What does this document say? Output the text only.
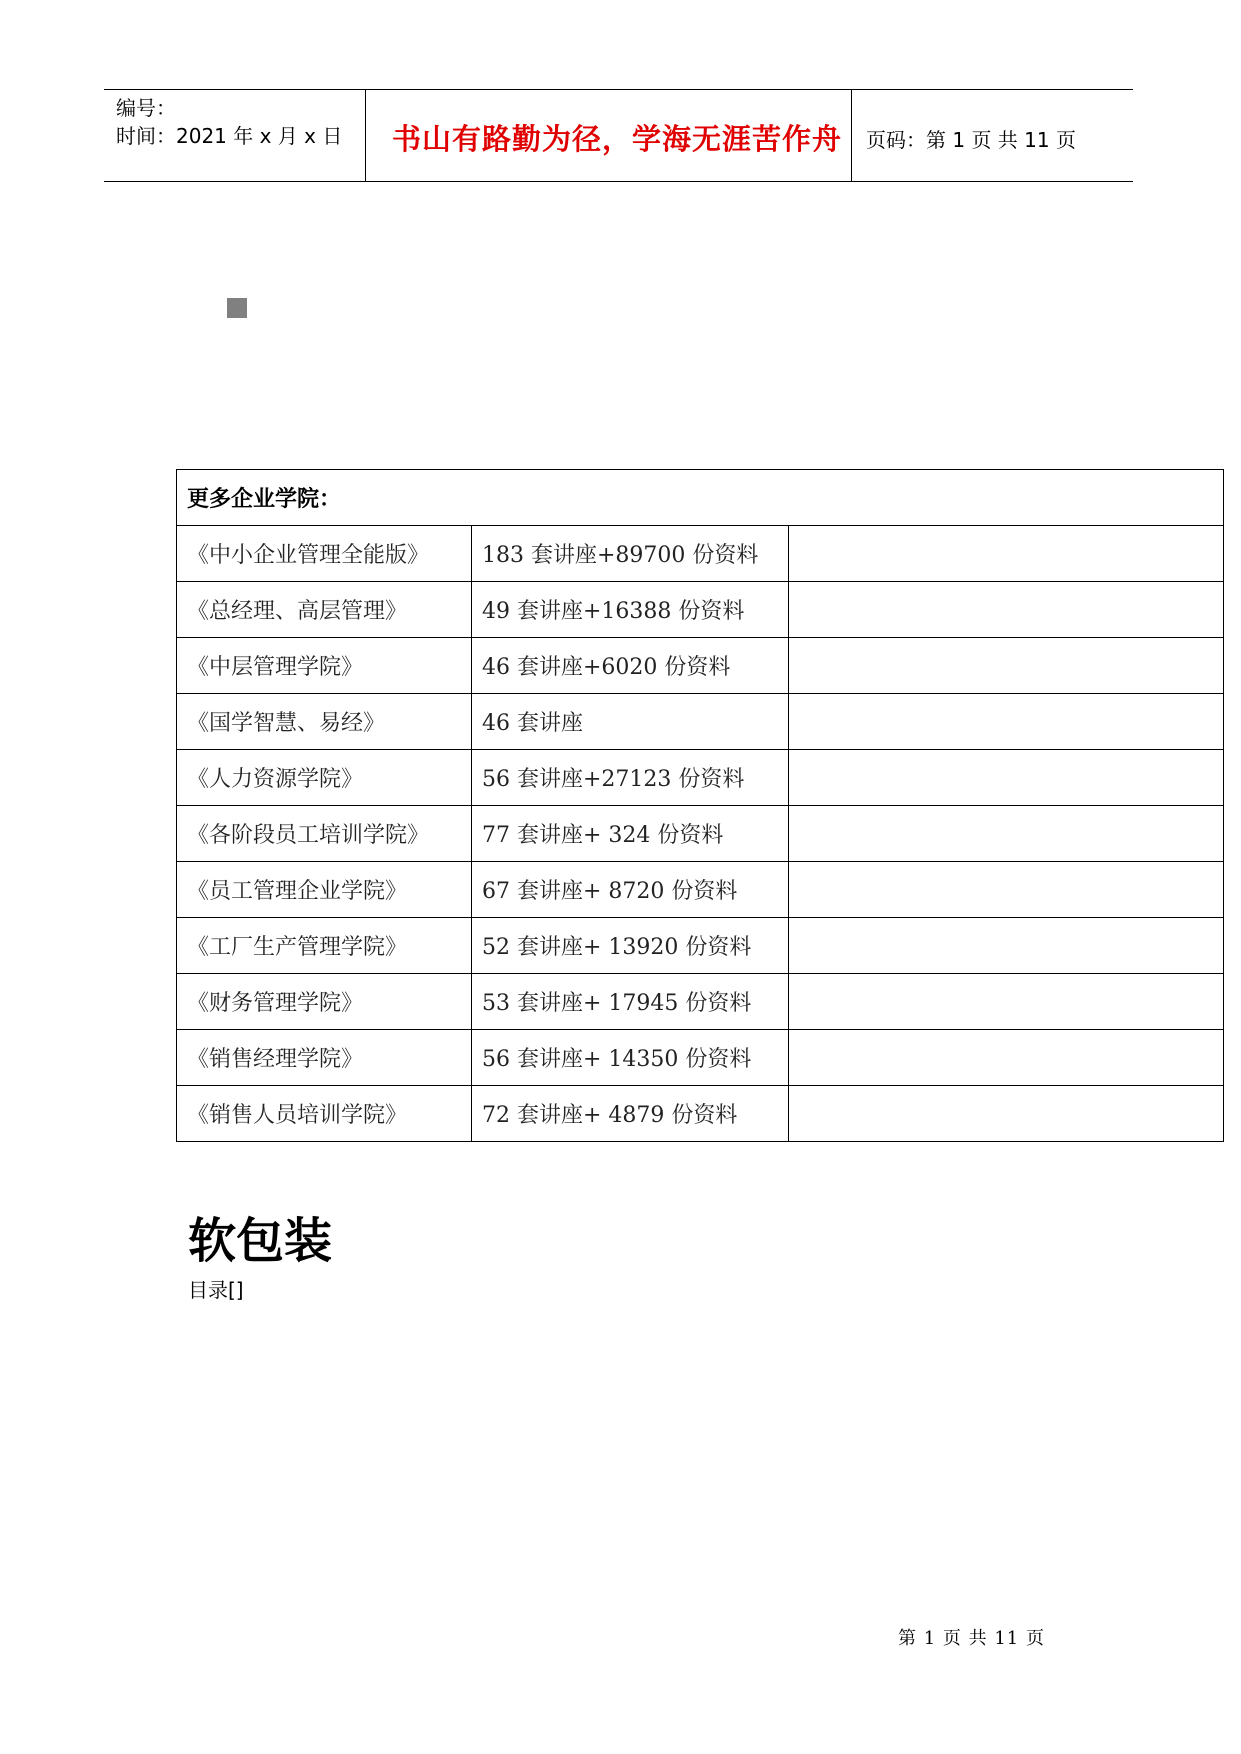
编号：
时间：2021 年 x 月 x 日 书山有路勤为径，学海无涯苦作舟 页码：第 1 页 共 11 页
更多企业学院：		
《中小企业管理全能版》	183 套讲座+89700 份资料	
《总经理、高层管理》	49 套讲座+16388 份资料	
《中层管理学院》	46 套讲座+6020 份资料	
《国学智慧、易经》	46 套讲座	
《人力资源学院》	56 套讲座+27123 份资料	
《各阶段员工培训学院》	77 套讲座+ 324 份资料	
《员工管理企业学院》	67 套讲座+ 8720 份资料	
《工厂生产管理学院》	52 套讲座+ 13920 份资料	
《财务管理学院》	53 套讲座+ 17945 份资料	
《销售经理学院》	56 套讲座+ 14350 份资料	
《销售人员培训学院》	72 套讲座+ 4879 份资料	
软包装
目录[]
第 1 页 共 11 页
